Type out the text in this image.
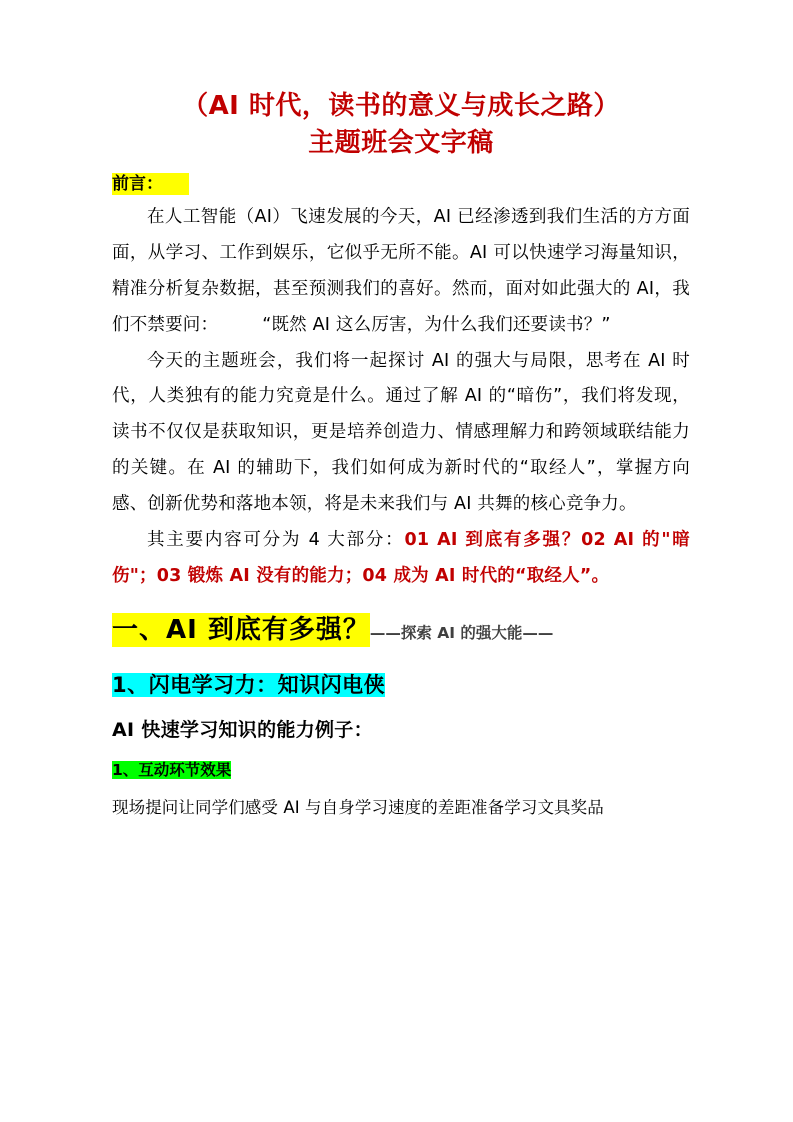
（AI 时代，读书的意义与成长之路）
主题班会文字稿

前言：

在人工智能（AI）飞速发展的今天，AI 已经渗透到我们生活的方方面面，从学习、工作到娱乐，它似乎无所不能。AI 可以快速学习海量知识，精准分析复杂数据，甚至预测我们的喜好。然而，面对如此强大的 AI，我们不禁要问：	“既然 AI 这么厉害，为什么我们还要读书？”

今天的主题班会，我们将一起探讨 AI 的强大与局限，思考在 AI 时代，人类独有的能力究竟是什么。通过了解 AI 的“暗伤”，我们将发现，读书不仅仅是获取知识，更是培养创造力、情感理解力和跨领域联结能力的关键。在 AI 的辅助下，我们如何成为新时代的“取经人”，掌握方向感、创新优势和落地本领，将是未来我们与 AI 共舞的核心竞争力。

其主要内容可分为 4 大部分：01 AI 到底有多强？02 AI 的"暗伤"；03 锻炼 AI 没有的能力；04 成为 AI 时代的“取经人”。

一、AI 到底有多强？——探索 AI 的强大能——

1、闪电学习力：知识闪电侠

AI 快速学习知识的能力例子：

1、互动环节效果

现场提问让同学们感受 AI 与自身学习速度的差距准备学习文具奖品
